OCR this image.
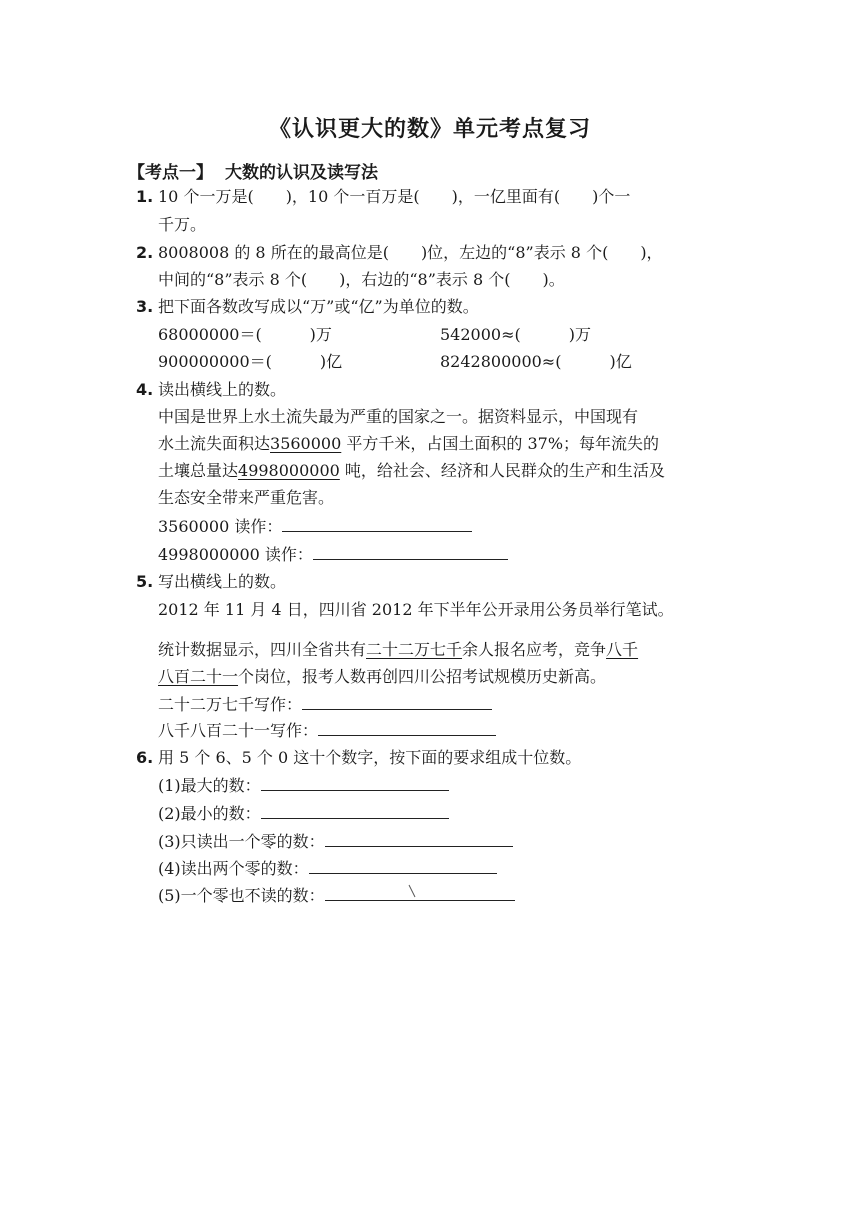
《认识更大的数》单元考点复习
【考点一】 大数的认识及读写法
1. 10 个一万是(　　)，10 个一百万是(　　)，一亿里面有(　　)个一
千万。
2. 8008008 的 8 所在的最高位是(　　)位，左边的“8”表示 8 个(　　)，
中间的“8”表示 8 个(　　)，右边的“8”表示 8 个(　　)。
3. 把下面各数改写成以“万”或“亿”为单位的数。
68000000＝(　　　)万	542000≈(　　　)万
900000000＝(　　　)亿	8242800000≈(　　　)亿
4. 读出横线上的数。
中国是世界上水土流失最为严重的国家之一。据资料显示，中国现有
水土流失面积达3560000 平方千米，占国土面积的 37%；每年流失的
土壤总量达4998000000 吨，给社会、经济和人民群众的生产和生活及
生态安全带来严重危害。
3560000 读作：
4998000000 读作：
5. 写出横线上的数。
2012 年 11 月 4 日，四川省 2012 年下半年公开录用公务员举行笔试。
统计数据显示，四川全省共有二十二万七千余人报名应考，竞争八千
八百二十一个岗位，报考人数再创四川公招考试规模历史新高。
二十二万七千写作：
八千八百二十一写作：
6. 用 5 个 6、5 个 0 这十个数字，按下面的要求组成十位数。
(1)最大的数：
(2)最小的数：
(3)只读出一个零的数：
(4)读出两个零的数：
(5)一个零也不读的数：
